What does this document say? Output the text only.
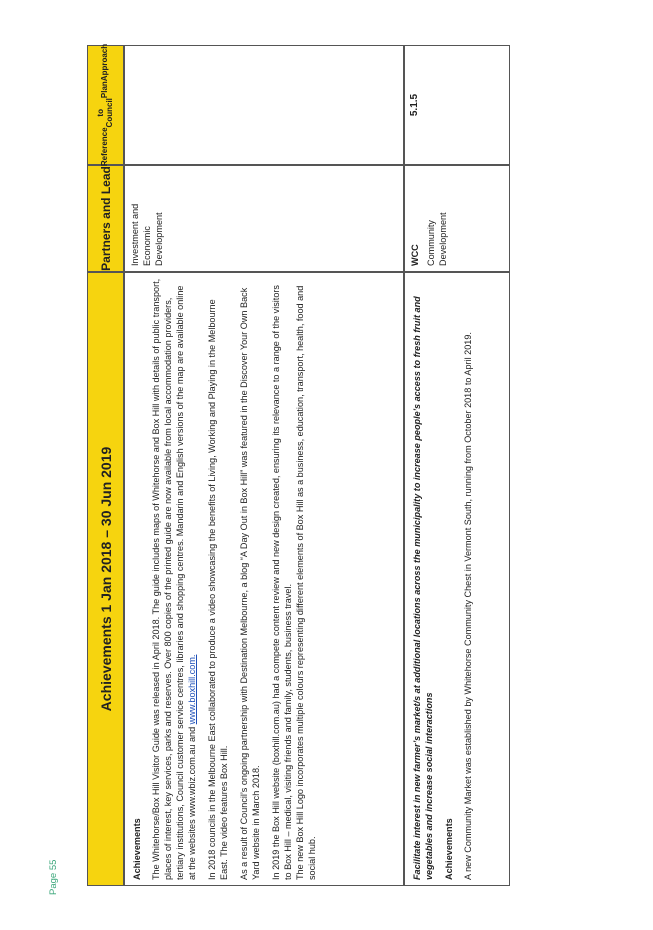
Achievements 1 Jan 2018 – 30 Jun 2019
Partners and Lead
Reference
to Council
Plan
Approach

Achievements The Whitehorse/Box Hill Visitor Guide was released in April 2018. The guide includes maps of Whitehorse and Box Hill with details of public transport, places of interest, key services, parks and reserves. Over 800 copies of the printed guide are now available from local accommodation providers, tertiary institutions, Council customer service centres, libraries and shopping centres. Mandarin and English versions of the map are available online at the websites www.wbiz.com.au and www.boxhill.com. In 2018 councils in the Melbourne East collaborated to produce a video showcasing the benefits of Living, Working and Playing in the Melbourne East. The video features Box Hill. As a result of Council’s ongoing partnership with Destination Melbourne, a blog “A Day Out in Box Hill” was featured in the Discover Your Own Back Yard website in March 2018. In 2019 the Box Hill website (boxhill.com.au) had a compete content review and new design created, ensuring its relevance to a range of the visitors to Box Hill – medical, visiting friends and family, students, business travel. The new Box Hill Logo incorporates multiple colours representing different elements of Box Hill as a business, education, transport, health, food and social hub.
Investment and Economic Development

Facilitate interest in new farmer’s market/s at additional locations across the municipality to increase people’s access to fresh fruit and vegetables and increase social interactions Achievements A new Community Market was established by Whitehorse Community Chest in Vermont South, running from October 2018 to April 2019.

WCC Community Development
5.1.5
Page 55
